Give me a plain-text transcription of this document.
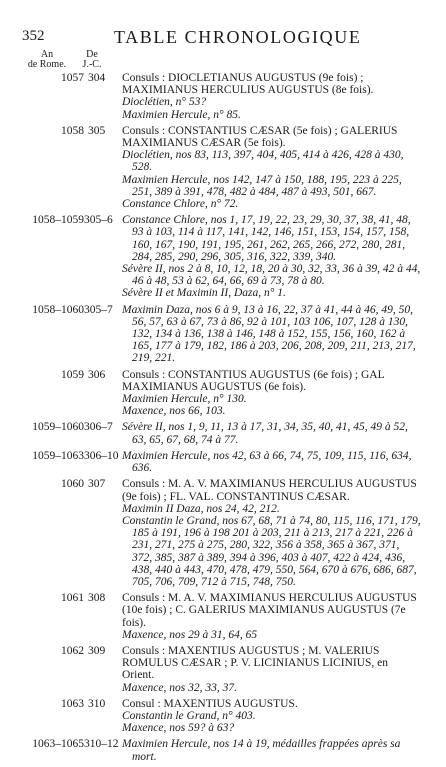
352	TABLE CHRONOLOGIQUE
An
de Rome.
De
J.-C.
1057 304 Consuls : DIOCLETIANUS AUGUSTUS (9e fois) ; MAXIMIANUS HERCULIUS AUGUSTUS (8e fois).
Dioclétien, n° 53?
Maximien Hercule, n° 85.
1058 305 Consuls : CONSTANTIUS CÆSAR (5e fois) ; GALERIUS MAXIMIANUS CÆSAR (5e fois).
Dioclétien, nos 83, 113, 397, 404, 405, 414 à 426, 428 à 430, 528.
Maximien Hercule, nos 142, 147 à 150, 188, 195, 223 à 225, 251, 389 à 391, 478, 482 à 484, 487 à 493, 501, 667.
Constance Chlore, n° 72.
1058–1059 305–6 Constance Chlore, nos 1, 17, 19, 22, 23, 29, 30, 37, 38, 41, 48, 93 à 103, 114 à 117, 141, 142, 146, 151, 153, 154, 157, 158, 160, 167, 190, 191, 195, 261, 262, 265, 266, 272, 280, 281, 284, 285, 290, 296, 305, 316, 322, 339, 340.
Sévère II, nos 2 à 8, 10, 12, 18, 20 à 30, 32, 33, 36 à 39, 42 à 44, 46 à 48, 53 à 62, 64, 66, 69 à 73, 78 à 80.
Sévère II et Maximin II, Daza, n° 1.
1058–1060 305–7 Maximin Daza, nos 6 à 9, 13 à 16, 22, 37 à 41, 44 à 46, 49, 50, 56, 57, 63 à 67, 73 à 86, 92 à 101, 103 106, 107, 128 à 130, 132, 134 à 136, 138 à 146, 148 à 152, 155, 156, 160, 162 à 165, 177 à 179, 182, 186 à 203, 206, 208, 209, 211, 213, 217, 219, 221.
1059 306 Consuls : CONSTANTIUS AUGUSTUS (6e fois) ; GAL MAXIMIANUS AUGUSTUS (6e fois).
Maximien Hercule, n° 130.
Maxence, nos 66, 103.
1059–1060 306–7 Sévère II, nos 1, 9, 11, 13 à 17, 31, 34, 35, 40, 41, 45, 49 à 52, 63, 65, 67, 68, 74 à 77.
1059–1063 306–10 Maximien Hercule, nos 42, 63 à 66, 74, 75, 109, 115, 116, 634, 636.
1060 307 Consuls : M. A. V. MAXIMIANUS HERCULIUS AUGUSTUS (9e fois) ; FL. VAL. CONSTANTINUS CÆSAR.
Maximin II Daza, nos 24, 42, 212.
Constantin le Grand, nos 67, 68, 71 à 74, 80, 115, 116, 171, 179, 185 à 191, 196 à 198 201 à 203, 211 à 213, 217 à 221, 226 à 231, 271, 275 à 275, 280, 322, 356 à 358, 365 à 367, 371, 372, 385, 387 à 389, 394 à 396, 403 à 407, 422 à 424, 436, 438, 440 à 443, 470, 478, 479, 550, 564, 670 à 676, 686, 687, 705, 706, 709, 712 à 715, 748, 750.
1061 308 Consuls : M. A. V. MAXIMIANUS HERCULIUS AUGUSTUS (10e fois) ; C. GALERIUS MAXIMIANUS AUGUSTUS (7e fois).
Maxence, nos 29 à 31, 64, 65
1062 309 Consuls : MAXENTIUS AUGUSTUS ; M. VALERIUS ROMULUS CÆSAR ; P. V. LICINIANUS LICINIUS, en Orient.
Maxence, nos 32, 33, 37.
1063 310 Consul : MAXENTIUS AUGUSTUS.
Constantin le Grand, n° 403.
Maxence, nos 59? à 63?
1063–1065 310–12 Maximien Hercule, nos 14 à 19, médailles frappées après sa mort.
